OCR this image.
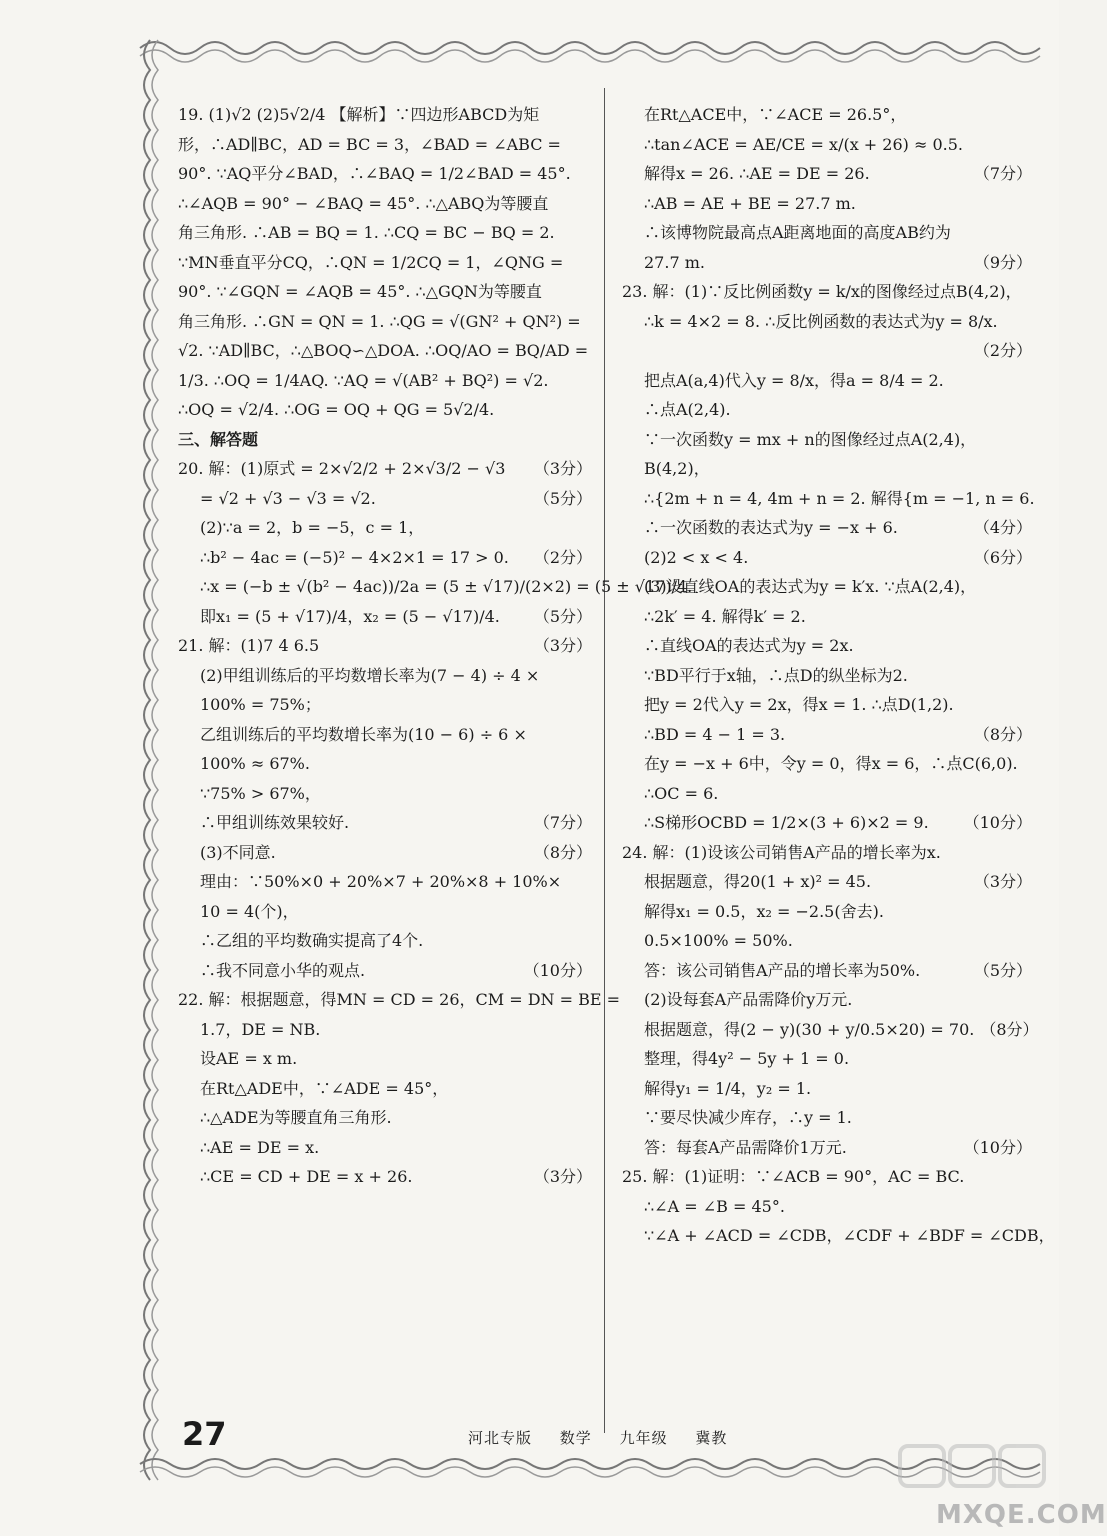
19. (1)√2 (2)5√2/4 【解析】∵四边形ABCD为矩
形，∴AD∥BC，AD = BC = 3，∠BAD = ∠ABC =
90°. ∵AQ平分∠BAD，∴∠BAQ = 1/2∠BAD = 45°.
∴∠AQB = 90° − ∠BAQ = 45°. ∴△ABQ为等腰直
角三角形. ∴AB = BQ = 1. ∴CQ = BC − BQ = 2.
∵MN垂直平分CQ，∴QN = 1/2CQ = 1，∠QNG =
90°. ∵∠GQN = ∠AQB = 45°. ∴△GQN为等腰直
角三角形. ∴GN = QN = 1. ∴QG = √(GN² + QN²) =
√2. ∵AD∥BC，∴△BOQ∽△DOA. ∴OQ/AO = BQ/AD =
1/3. ∴OQ = 1/4AQ. ∵AQ = √(AB² + BQ²) = √2.
∴OQ = √2/4. ∴OG = OQ + QG = 5√2/4.
三、解答题
20. 解：(1)原式 = 2×√2/2 + 2×√3/2 − √3	（3分）
= √2 + √3 − √3 = √2.	（5分）
(2)∵a = 2，b = −5，c = 1，
∴b² − 4ac = (−5)² − 4×2×1 = 17 > 0.	（2分）
∴x = (−b ± √(b² − 4ac))/2a = (5 ± √17)/(2×2) = (5 ± √17)/4.
即x₁ = (5 + √17)/4，x₂ = (5 − √17)/4.	（5分）
21. 解：(1)7 4 6.5	（3分）
(2)甲组训练后的平均数增长率为(7 − 4) ÷ 4 ×
100% = 75%；
乙组训练后的平均数增长率为(10 − 6) ÷ 6 ×
100% ≈ 67%.
∵75% > 67%，
∴甲组训练效果较好.	（7分）
(3)不同意.	（8分）
理由：∵50%×0 + 20%×7 + 20%×8 + 10%×
10 = 4(个)，
∴乙组的平均数确实提高了4个.
∴我不同意小华的观点.	（10分）
22. 解：根据题意，得MN = CD = 26，CM = DN = BE =
1.7，DE = NB.
设AE = x m.
在Rt△ADE中，∵∠ADE = 45°，
∴△ADE为等腰直角三角形.
∴AE = DE = x.
∴CE = CD + DE = x + 26.	（3分）
在Rt△ACE中，∵∠ACE = 26.5°，
∴tan∠ACE = AE/CE = x/(x + 26) ≈ 0.5.
解得x = 26. ∴AE = DE = 26.	（7分）
∴AB = AE + BE = 27.7 m.
∴该博物院最高点A距离地面的高度AB约为
27.7 m.	（9分）
23. 解：(1)∵反比例函数y = k/x的图像经过点B(4,2)，
∴k = 4×2 = 8. ∴反比例函数的表达式为y = 8/x.
（2分）
把点A(a,4)代入y = 8/x，得a = 8/4 = 2.
∴点A(2,4).
∵一次函数y = mx + n的图像经过点A(2,4)，
B(4,2)，
∴{2m + n = 4, 4m + n = 2. 解得{m = −1, n = 6.
∴一次函数的表达式为y = −x + 6.	（4分）
(2)2 < x < 4.	（6分）
(3)设直线OA的表达式为y = k′x. ∵点A(2,4)，
∴2k′ = 4. 解得k′ = 2.
∴直线OA的表达式为y = 2x.
∵BD平行于x轴，∴点D的纵坐标为2.
把y = 2代入y = 2x，得x = 1. ∴点D(1,2).
∴BD = 4 − 1 = 3.	（8分）
在y = −x + 6中，令y = 0，得x = 6，∴点C(6,0).
∴OC = 6.
∴S梯形OCBD = 1/2×(3 + 6)×2 = 9.	（10分）
24. 解：(1)设该公司销售A产品的增长率为x.
根据题意，得20(1 + x)² = 45.	（3分）
解得x₁ = 0.5，x₂ = −2.5(舍去).
0.5×100% = 50%.
答：该公司销售A产品的增长率为50%.	（5分）
(2)设每套A产品需降价y万元.
根据题意，得(2 − y)(30 + y/0.5×20) = 70. （8分）
整理，得4y² − 5y + 1 = 0.
解得y₁ = 1/4，y₂ = 1.
∵要尽快减少库存，∴y = 1.
答：每套A产品需降价1万元.	（10分）
25. 解：(1)证明：∵∠ACB = 90°，AC = BC.
∴∠A = ∠B = 45°.
∵∠A + ∠ACD = ∠CDB，∠CDF + ∠BDF = ∠CDB，
27	河北专版 数学 九年级 冀教
MXQE.COM
